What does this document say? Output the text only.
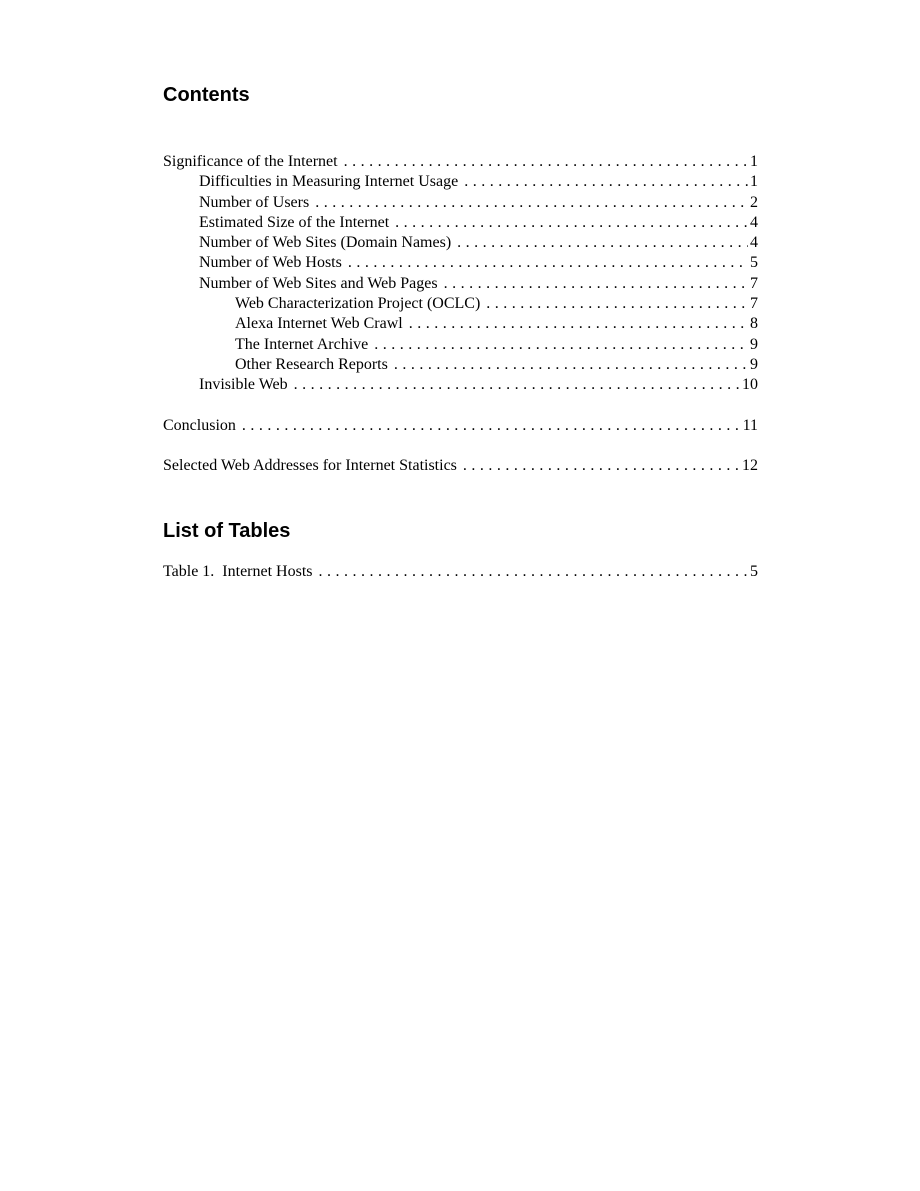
Contents
Significance of the Internet . . .	1
Difficulties in Measuring Internet Usage . . .	1
Number of Users . . .	2
Estimated Size of the Internet . . .	4
Number of Web Sites (Domain Names) . . .	4
Number of Web Hosts . . .	5
Number of Web Sites and Web Pages . . .	7
Web Characterization Project (OCLC) . . .	7
Alexa Internet Web Crawl . . .	8
The Internet Archive . . .	9
Other Research Reports . . .	9
Invisible Web . . .	10
Conclusion . . .	11
Selected Web Addresses for Internet Statistics . . .	12
List of Tables
Table 1.  Internet Hosts . . .	5
